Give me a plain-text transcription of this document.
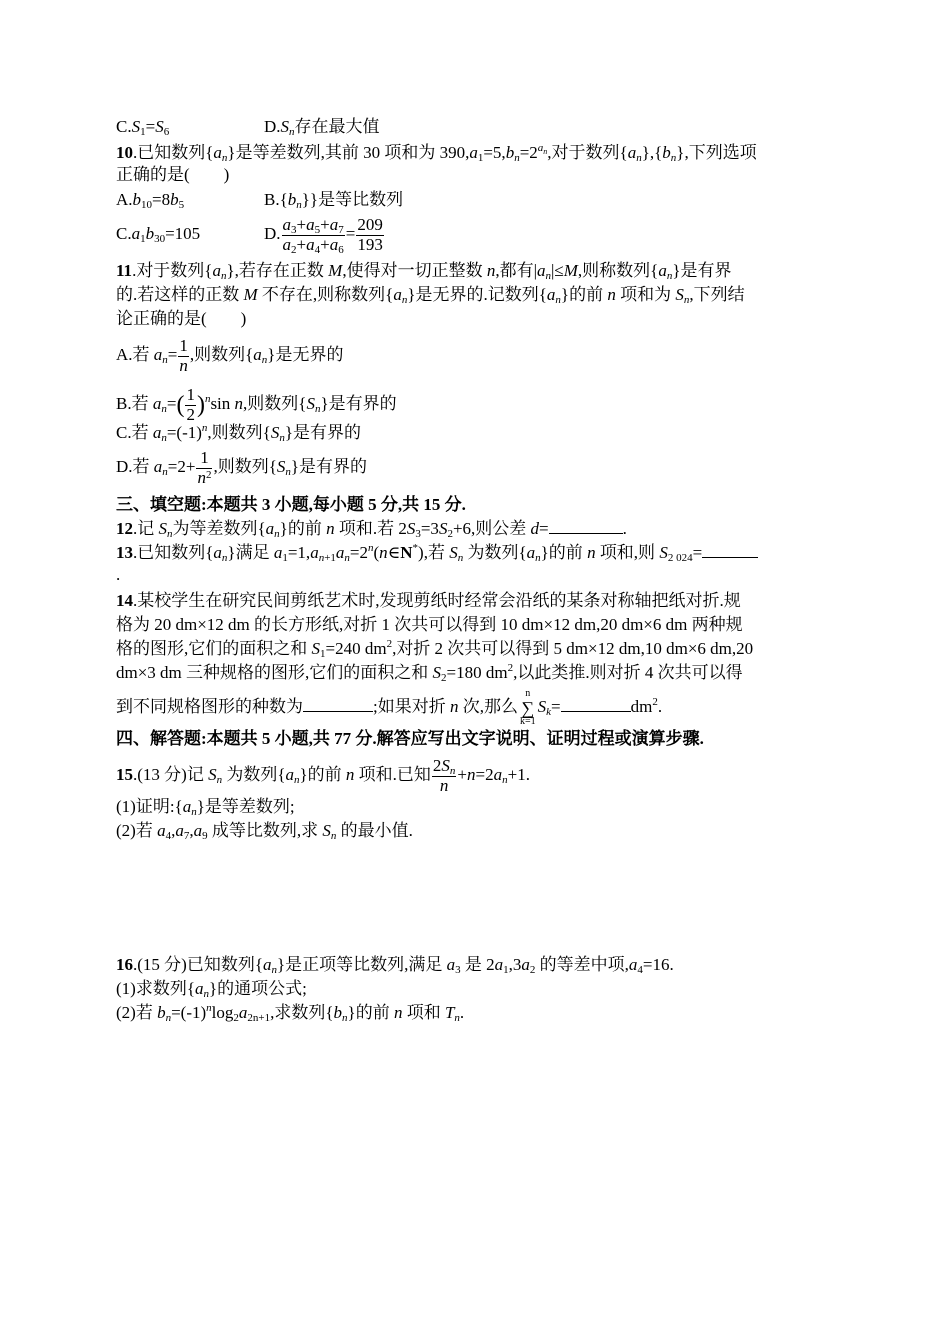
$C.S_1=S_6$	$D.S_n$存在最大值
10.已知数列$\{a_n\}$是等差数列,其前 30 项和为 $390,a_1=5,b_n=2^{a_n}$,对于数列$\{a_n\},\{b_n\}$,下列选项
正确的是(　　)
$A.b_{10}=8b_5$	$B.\{b_n\}$}是等比数列
$C.a_1b_{30}=105$	D. $\frac{a_3+a_5+a_7}{a_2+a_4+a_6} = \frac{209}{193}$
11.对于数列$\{a_n\}$,若存在正数 M,使得对一切正整数 n,都有$|a_n|\le M$,则称数列$\{a_n\}$是有界
的.若这样的正数 M 不存在,则称数列$\{a_n\}$是无界的.记数列$\{a_n\}$的前 n 项和为 $S_n$,下列结
论正确的是(　　)
A.若 $a_n= \frac{1}{n}$ ,则数列$\{a_n\}$是无界的
B.若 $a_n=( \frac{1}{2} )^n\sin$ n,则数列$\{S_n\}$是有界的
C.若 $a_n=(-1)^n$,则数列$\{S_n\}$是有界的
D.若 $a_n=2+ \frac{1}{n^2}$ ,则数列$\{S_n\}$是有界的
三、填空题:本题共 3 小题,每小题 5 分,共 15 分.
12.记 $S_n$为等差数列$\{a_n\}$的前 n 项和.若 $2S_3=3S_2+6$,则公差 d=	.
13.已知数列$\{a_n\}$满足 $a_1=1,a_{n+1}a_n=2^n(n\in N^*)$,若 $S_n$ 为数列$\{a_n\}$的前 n 项和,则 $S_{2 024}=$
.
14.某校学生在研究民间剪纸艺术时,发现剪纸时经常会沿纸的某条对称轴把纸对折.规
格为 20 dm×12 dm 的长方形纸,对折 1 次共可以得到 10 dm×12 dm,20 dm×6 dm 两种规
格的图形,它们的面积之和 $S_1=240$ $dm^2$,对折 2 次共可以得到 5 dm×12 dm,10 dm×6 dm,20
dm×3 dm 三种规格的图形,它们的面积之和 $S_2=180$ $dm^2$,以此类推.则对折 4 次共可以得
到不同规格图形的种数为	;如果对折 n 次,那么
n
∑
k=1
$S_k=$	$dm^2$.
四、解答题:本题共 5 小题,共 77 分.解答应写出文字说明、证明过程或演算步骤.
15.(13 分)记 $S_n$ 为数列$\{a_n\}$的前 n 项和.已知 $\frac{2S_n}{n} +n=2a_n+1$.
(1)证明$:\{a_n\}$是等差数列;
(2)若 $a_4,a_7,a_9$ 成等比数列,求 $S_n$ 的最小值.
16.(15 分)已知数列$\{a_n\}$是正项等比数列,满足 $a_3$ 是 $2a_1,3a_2$ 的等差中项$,a_4=16$.
(1)求数列$\{a_n\}$的通项公式;
(2)若 $b_n=(-1)^n\log_2a_{2n+1}$,求数列$\{b_n\}$的前 n 项和 $T_n$.
